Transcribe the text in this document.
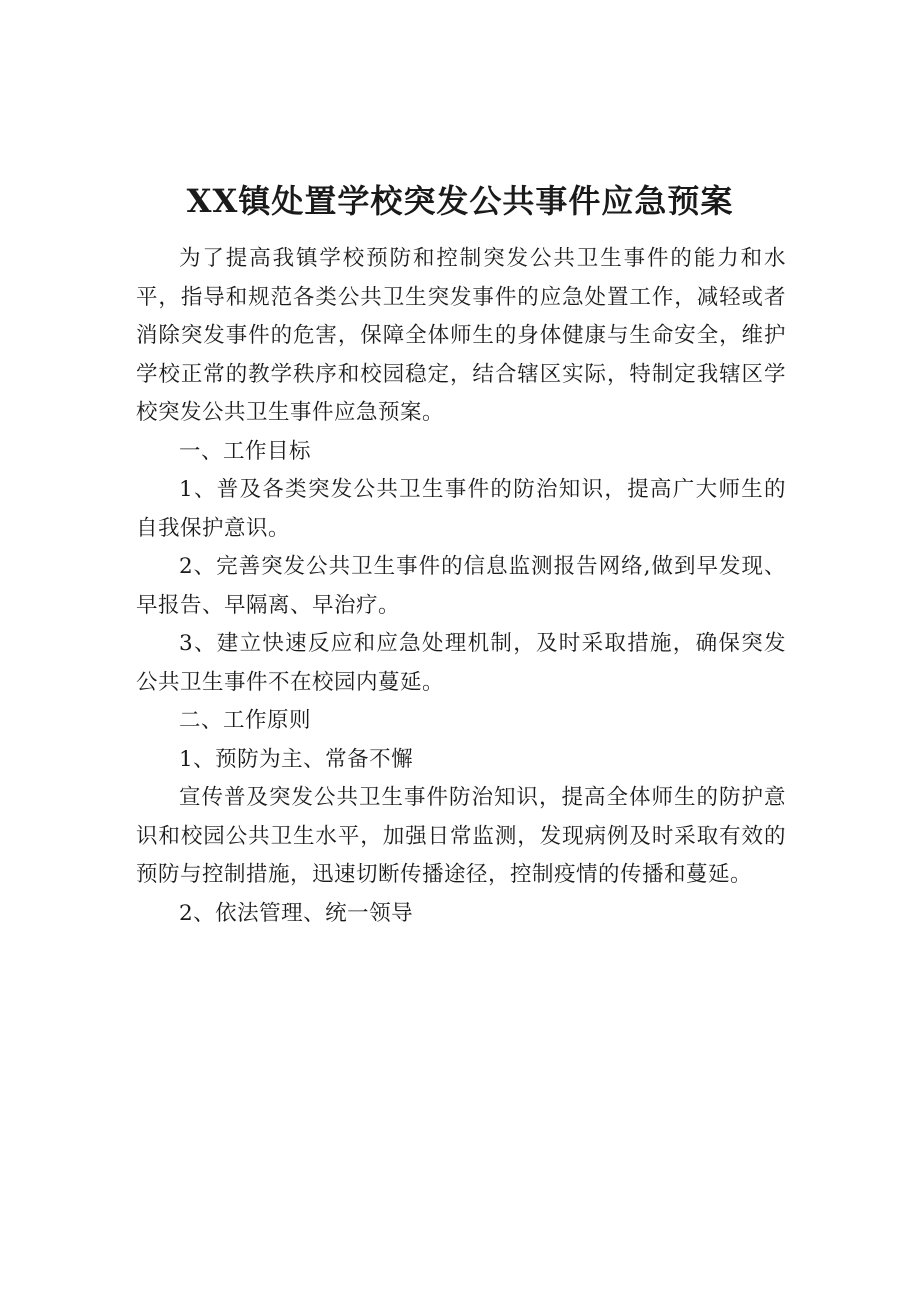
XX镇处置学校突发公共事件应急预案

为了提高我镇学校预防和控制突发公共卫生事件的能力和水平，指导和规范各类公共卫生突发事件的应急处置工作，减轻或者消除突发事件的危害，保障全体师生的身体健康与生命安全，维护学校正常的教学秩序和校园稳定，结合辖区实际，特制定我辖区学校突发公共卫生事件应急预案。

一、工作目标

1、普及各类突发公共卫生事件的防治知识，提高广大师生的自我保护意识。

2、完善突发公共卫生事件的信息监测报告网络,做到早发现、早报告、早隔离、早治疗。

3、建立快速反应和应急处理机制，及时采取措施，确保突发公共卫生事件不在校园内蔓延。

二、工作原则

1、预防为主、常备不懈

宣传普及突发公共卫生事件防治知识，提高全体师生的防护意识和校园公共卫生水平，加强日常监测，发现病例及时采取有效的预防与控制措施，迅速切断传播途径，控制疫情的传播和蔓延。

2、依法管理、统一领导
